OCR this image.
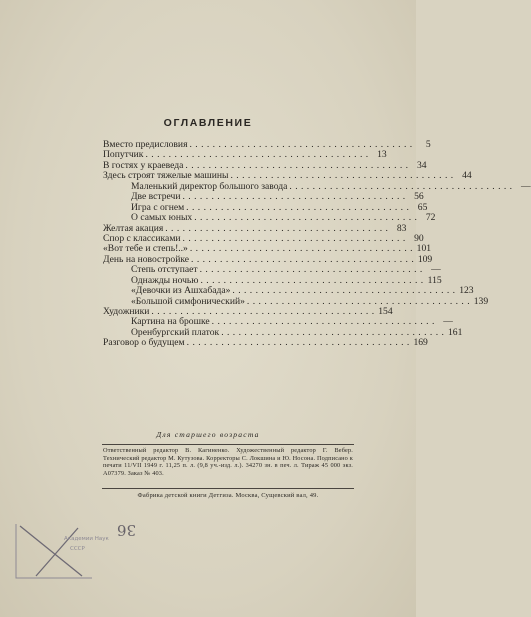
ОГЛАВЛЕНИЕ
Вместо предисловия . . .	5
Попутчик . . .	13
В гостях у краеведа . . .	34
Здесь строят тяжелые машины . . .	44
Маленький директор большого завода . . .	—
Две встречи . . .	56
Игра с огнем . . .	65
О самых юных . . .	72
Желтая акация . . .	83
Спор с классиками . . .	90
«Вот тебе и степь!..» . . .	101
День на новостройке . . .	109
Степь отступает . . .	—
Однажды ночью . . .	115
«Девочки из Ашхабада» . . .	123
«Большой симфонический» . . .	139
Художники . . .	154
Картина на брошке . . .	—
Оренбургский платок . . .	161
Разговор о будущем . . .	169
Для старшего возраста
Ответственный редактор В. Кагиненко. Художественный редактор Г. Вебер. Технический редактор М. Кутузова. Корректоры С. Локшина и Ю. Носона. Подписано к печати 11/VII 1949 г. 11,25 п. л. (9,8 уч.-изд. л.). 34270 зн. в печ. л. Тираж 45 000 экз. А07379. Заказ № 403.
Фабрика детской книги Детгиза. Москва, Сущевский вал, 49.
Академии Наук
СССР
36
